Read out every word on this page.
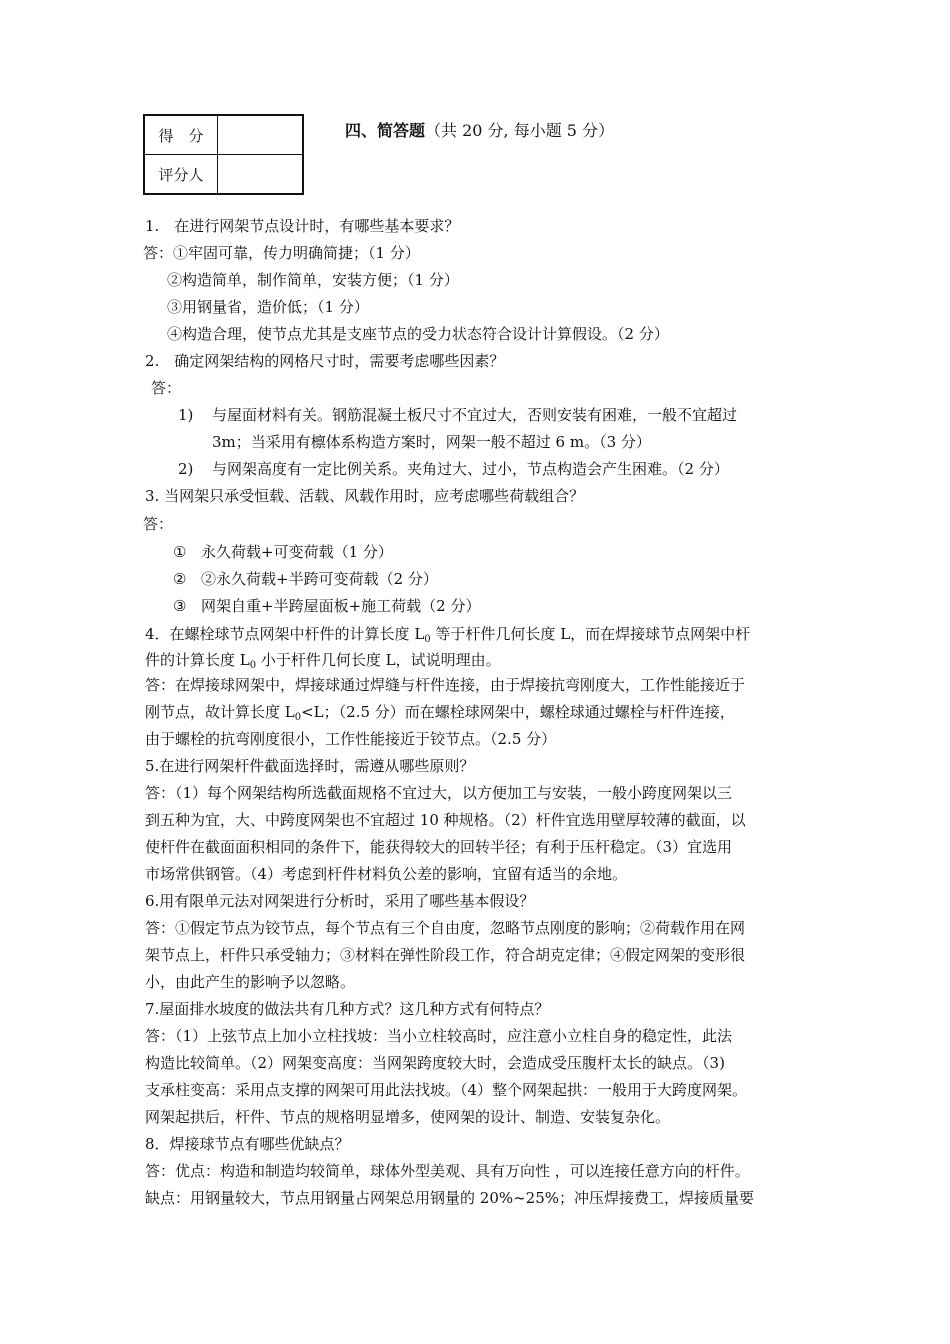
得　分	
评分人	
四、简答题（共 20 分, 每小题 5 分）
1.　在进行网架节点设计时，有哪些基本要求？
答：①牢固可靠，传力明确简捷；（1 分）
②构造简单，制作简单，安装方便；（1 分）
③用钢量省，造价低；（1 分）
④构造合理，使节点尤其是支座节点的受力状态符合设计计算假设。（2 分）
2.　确定网架结构的网格尺寸时，需要考虑哪些因素？
答：
1) 与屋面材料有关。钢筋混凝土板尺寸不宜过大，否则安装有困难，一般不宜超过
3m；当采用有檩体系构造方案时，网架一般不超过 6 m。（3 分）
2) 与网架高度有一定比例关系。夹角过大、过小，节点构造会产生困难。（2 分）
3. 当网架只承受恒载、活载、风载作用时，应考虑哪些荷载组合？
答：
① 永久荷载+可变荷载（1 分）
② ②永久荷载+半跨可变荷载（2 分）
③ 网架自重+半跨屋面板+施工荷载（2 分）
4．在螺栓球节点网架中杆件的计算长度 $L_0$ 等于杆件几何长度 L，而在焊接球节点网架中杆
件的计算长度 $L_0$ 小于杆件几何长度 L，试说明理由。
答：在焊接球网架中，焊接球通过焊缝与杆件连接，由于焊接抗弯刚度大，工作性能接近于
刚节点，故计算长度 $L_0<L$；（2.5 分）而在螺栓球网架中，螺栓球通过螺栓与杆件连接，
由于螺栓的抗弯刚度很小，工作性能接近于铰节点。（2.5 分）
5.在进行网架杆件截面选择时，需遵从哪些原则？
答：（1）每个网架结构所选截面规格不宜过大，以方便加工与安装，一般小跨度网架以三
到五种为宜，大、中跨度网架也不宜超过 10 种规格。（2）杆件宜选用壁厚较薄的截面，以
使杆件在截面面积相同的条件下，能获得较大的回转半径；有利于压杆稳定。（3）宜选用
市场常供钢管。（4）考虑到杆件材料负公差的影响，宜留有适当的余地。
6.用有限单元法对网架进行分析时，采用了哪些基本假设？
答：①假定节点为铰节点，每个节点有三个自由度，忽略节点刚度的影响；②荷载作用在网
架节点上，杆件只承受轴力；③材料在弹性阶段工作，符合胡克定律；④假定网架的变形很
小，由此产生的影响予以忽略。
7.屋面排水坡度的做法共有几种方式？这几种方式有何特点？
答：（1）上弦节点上加小立柱找坡：当小立柱较高时，应注意小立柱自身的稳定性，此法
构造比较简单。（2）网架变高度：当网架跨度较大时，会造成受压腹杆太长的缺点。（3)
支承柱变高：采用点支撑的网架可用此法找坡。（4）整个网架起拱：一般用于大跨度网架。
网架起拱后，杆件、节点的规格明显增多，使网架的设计、制造、安装复杂化。
8．焊接球节点有哪些优缺点？
答：优点：构造和制造均较简单，球体外型美观、具有万向性 ，可以连接任意方向的杆件。
缺点：用钢量较大，节点用钢量占网架总用钢量的 20%~25%；冲压焊接费工，焊接质量要
